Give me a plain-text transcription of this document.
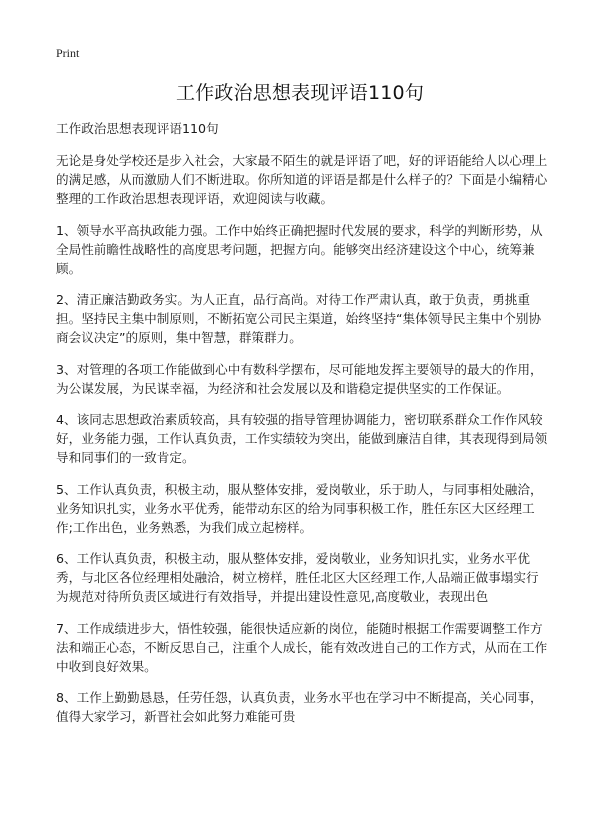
Print
工作政治思想表现评语110句

工作政治思想表现评语110句

无论是身处学校还是步入社会，大家最不陌生的就是评语了吧，好的评语能给人以心理上的满足感，从而激励人们不断进取。你所知道的评语是都是什么样子的？下面是小编精心整理的工作政治思想表现评语，欢迎阅读与收藏。

1、领导水平高执政能力强。工作中始终正确把握时代发展的要求，科学的判断形势，从全局性前瞻性战略性的高度思考问题，把握方向。能够突出经济建设这个中心，统筹兼顾。

2、清正廉洁勤政务实。为人正直，品行高尚。对待工作严肃认真，敢于负责，勇挑重担。坚持民主集中制原则，不断拓宽公司民主渠道，始终坚持“集体领导民主集中个别协商会议决定”的原则，集中智慧，群策群力。

3、对管理的各项工作能做到心中有数科学摆布，尽可能地发挥主要领导的最大的作用，为公谋发展，为民谋幸福，为经济和社会发展以及和谐稳定提供坚实的工作保证。

4、该同志思想政治素质较高，具有较强的指导管理协调能力，密切联系群众工作作风较好，业务能力强，工作认真负责，工作实绩较为突出，能做到廉洁自律，其表现得到局领导和同事们的一致肯定。

5、工作认真负责，积极主动，服从整体安排，爱岗敬业，乐于助人，与同事相处融洽，业务知识扎实，业务水平优秀，能带动东区的给为同事积极工作，胜任东区大区经理工作;工作出色，业务熟悉，为我们成立起榜样。

6、工作认真负责，积极主动，服从整体安排，爱岗敬业，业务知识扎实，业务水平优秀，与北区各位经理相处融洽，树立榜样，胜任北区大区经理工作,人品端正做事塌实行为规范对待所负责区域进行有效指导，并提出建设性意见,高度敬业，表现出色

7、工作成绩进步大，悟性较强，能很快适应新的岗位，能随时根据工作需要调整工作方法和端正心态，不断反思自己，注重个人成长，能有效改进自己的工作方式，从而在工作中收到良好效果。

8、工作上勤勤恳恳，任劳任怨，认真负责，业务水平也在学习中不断提高，关心同事，值得大家学习，新晋社会如此努力难能可贵
